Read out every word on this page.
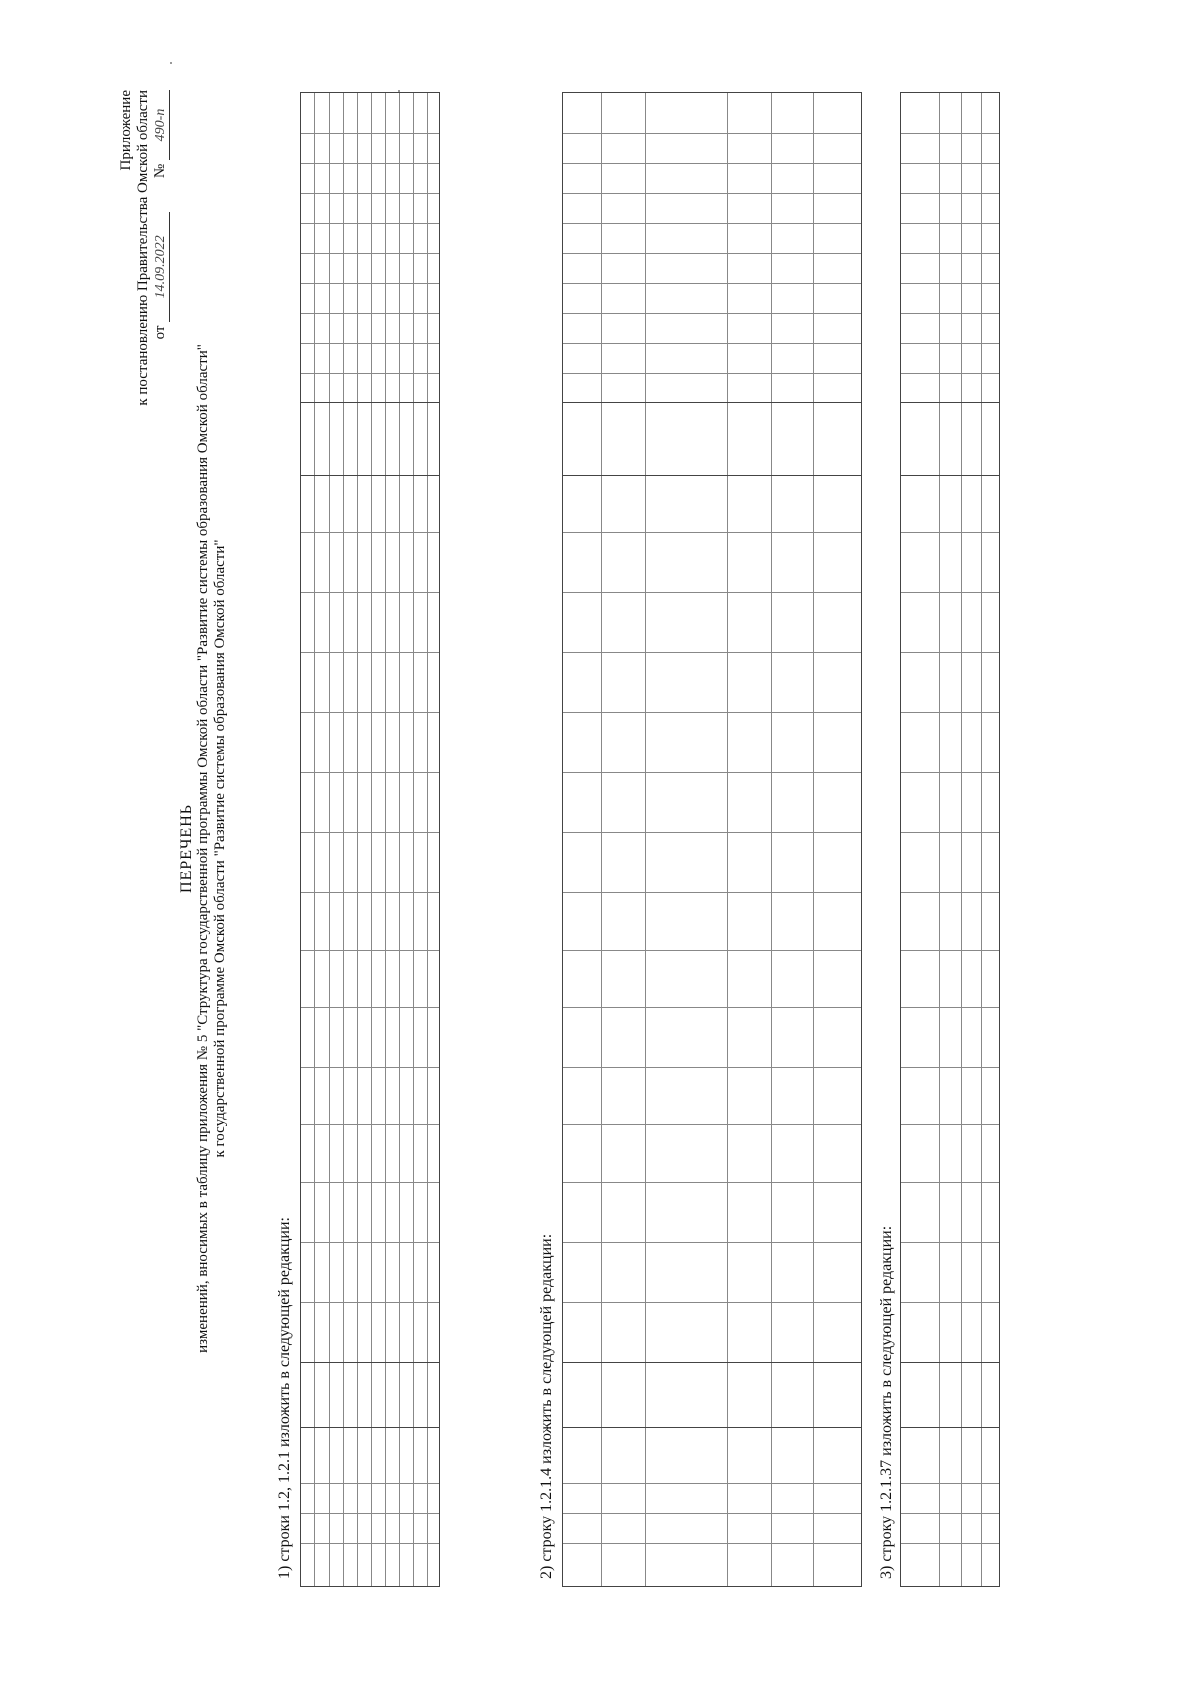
Приложение к постановлению Правительства Омской области от 14.09.2022         № 490-п
ПЕРЕЧЕНЬ изменений, вносимых в таблицу приложения № 5 "Структура государственной программы Омской области "Развитие системы образования Омской области" к государственной программе Омской области "Развитие системы образования Омской области"
1) строки 1.2, 1.2.1 изложить в следующей редакции:	2) строку 1.2.1.4 изложить в следующей редакции:	3) строку 1.2.1.37 изложить в следующей редакции:
